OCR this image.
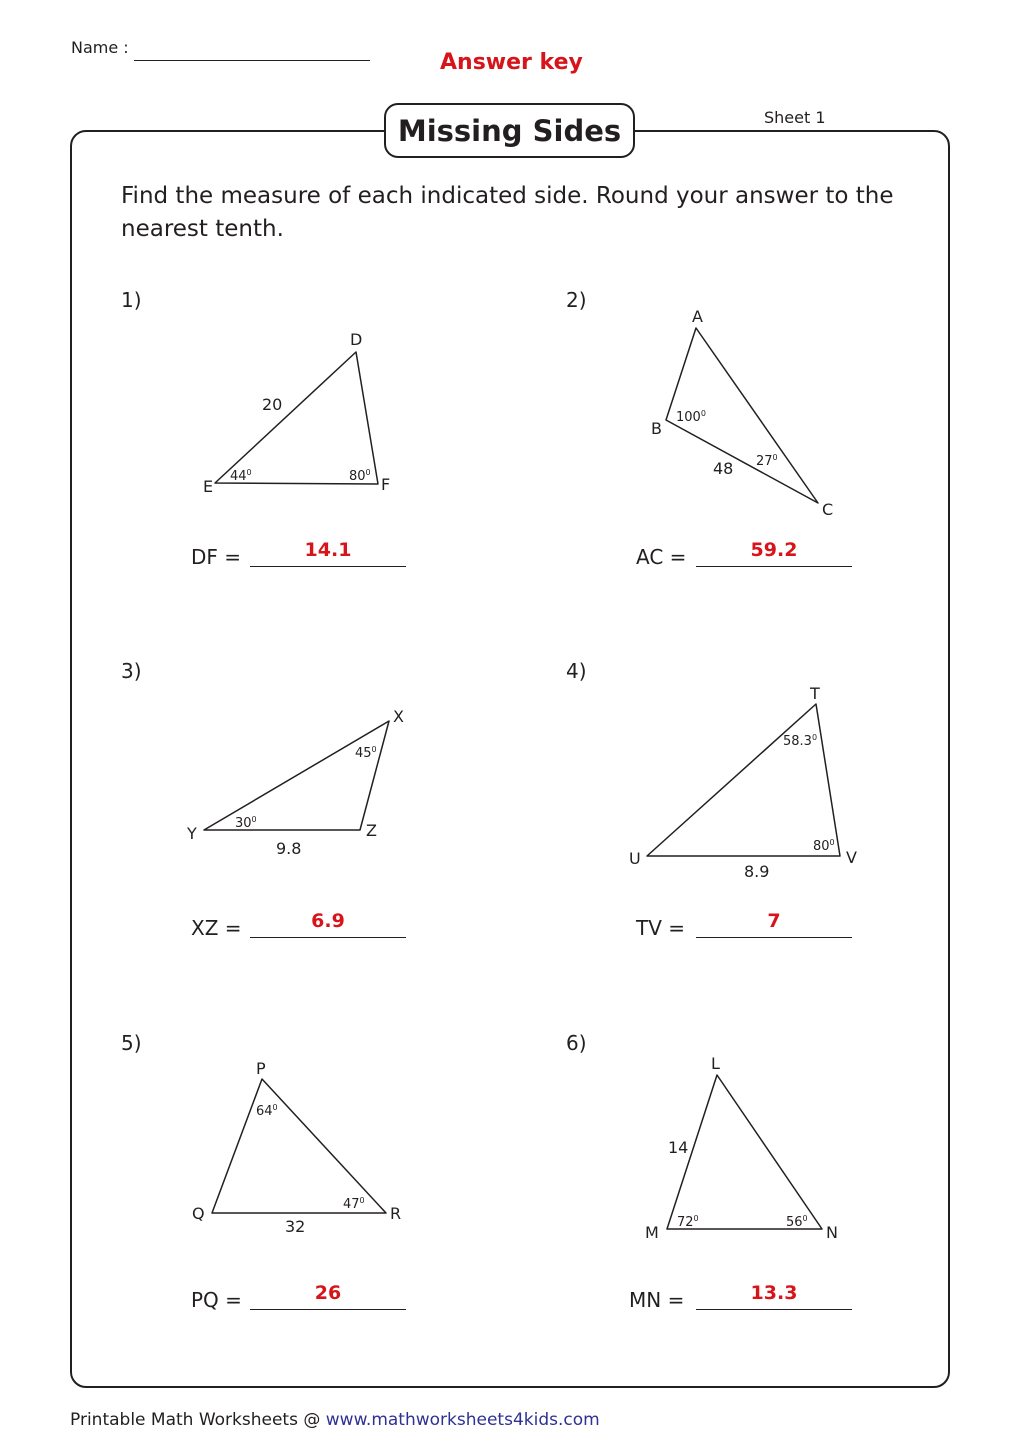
Name :
Answer key
Missing Sides	Sheet 1
Find the measure of each indicated side. Round your answer to the nearest tenth.
1)	2)
3)	4)
5)	6)
D
E	F
20
$44^0$	$80^0$
A
B
C
48
$100^0$
$27^0$
X
Y	Z
9.8
$45^0$
$30^0$
T
U	V
8.9
58.3$^0$
$80^0$
P
Q	R
32
$64^0$
$47^0$
L
M	N
14
$72^0$	$56^0$
DF =	14.1	AC =	59.2
XZ =	6.9	TV =	7
PQ =	26	MN =	13.3
Printable Math Worksheets @ www.mathworksheets4kids.com
